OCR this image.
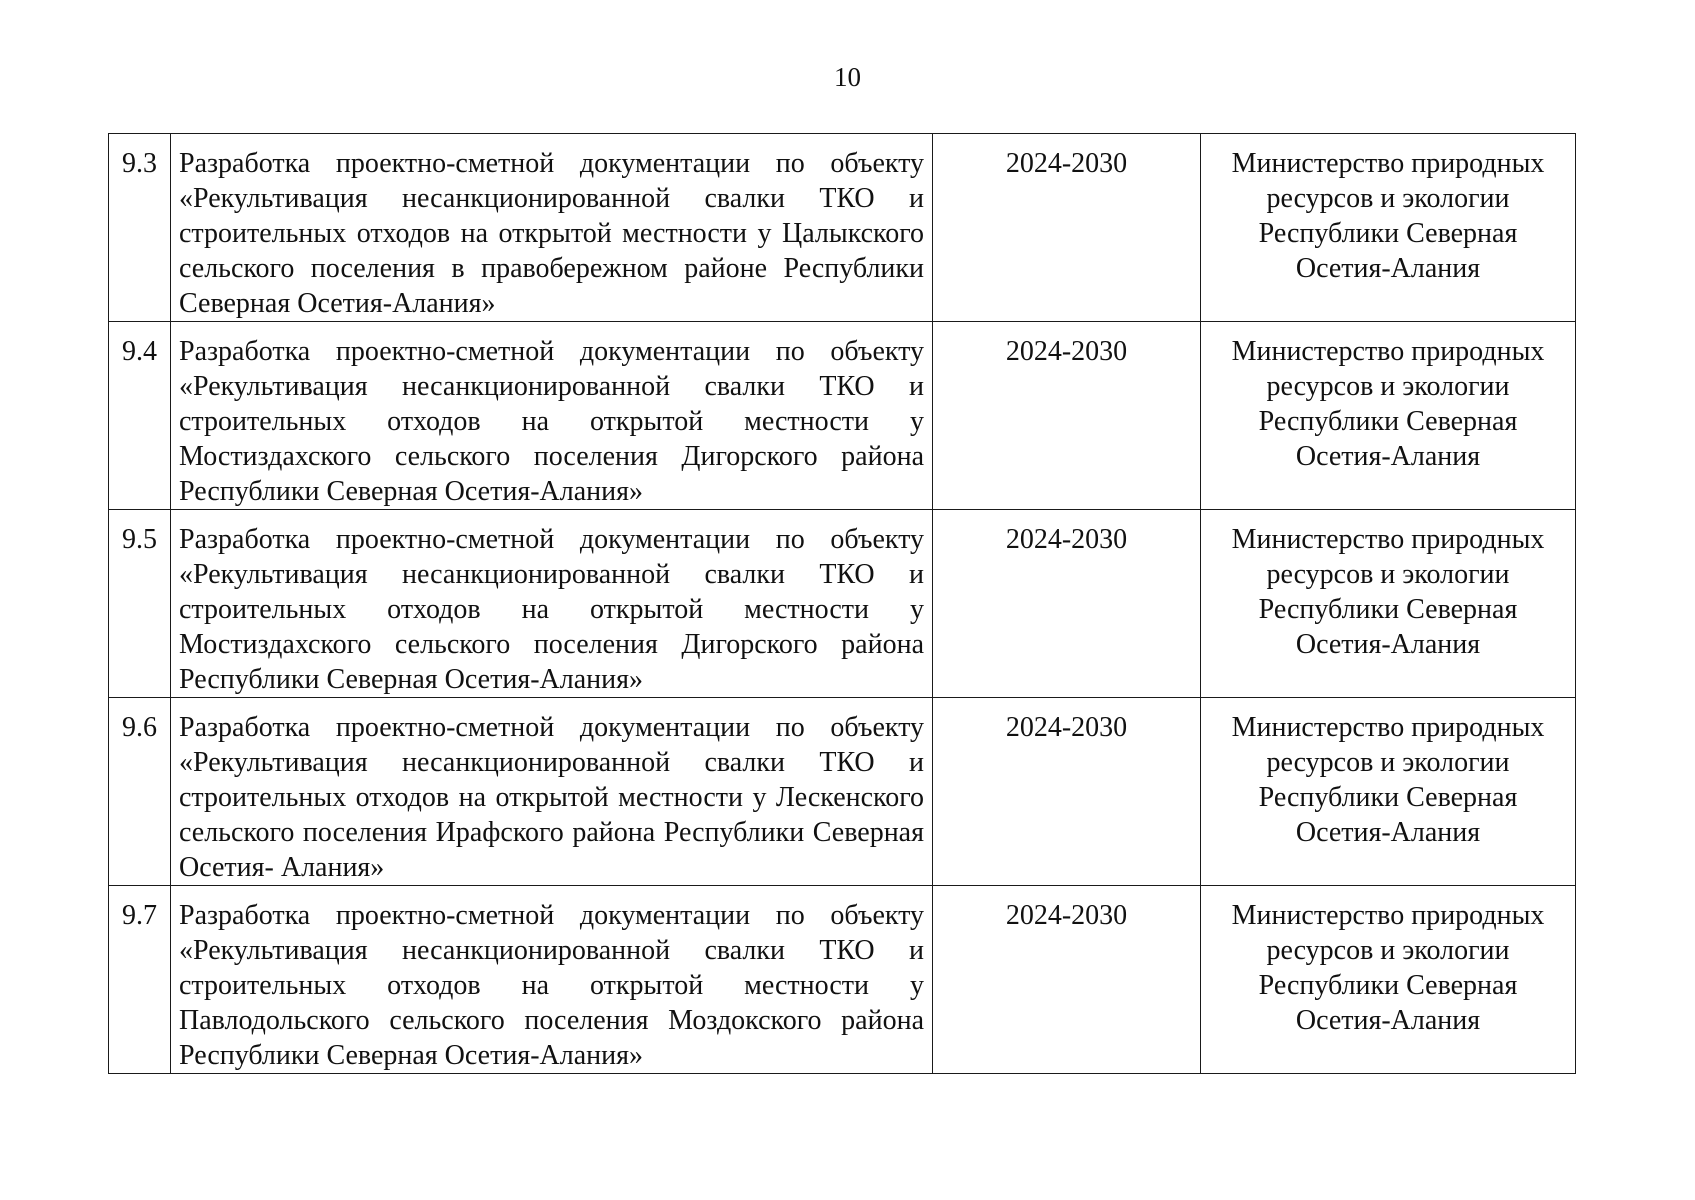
10
9.3	Разработка проектно-сметной документации по объекту «Рекультивация несанкционированной свалки ТКО и строительных отходов на открытой местности у Цалыкского сельского поселения в правобережном районе Республики Северная Осетия-Алания»	2024-2030	Министерство природных ресурсов и экологии Республики Северная Осетия-Алания
9.4	Разработка проектно-сметной документации по объекту «Рекультивация несанкционированной свалки ТКО и строительных отходов на открытой местности у Мостиздахского сельского поселения Дигорского района Республики Северная Осетия-Алания»	2024-2030	Министерство природных ресурсов и экологии Республики Северная Осетия-Алания
9.5	Разработка проектно-сметной документации по объекту «Рекультивация несанкционированной свалки ТКО и строительных отходов на открытой местности у Мостиздахского сельского поселения Дигорского района Республики Северная Осетия-Алания»	2024-2030	Министерство природных ресурсов и экологии Республики Северная Осетия-Алания
9.6	Разработка проектно-сметной документации по объекту «Рекультивация несанкционированной свалки ТКО и строительных отходов на открытой местности у Лескенского сельского поселения Ирафского района Республики Северная Осетия- Алания»	2024-2030	Министерство природных ресурсов и экологии Республики Северная Осетия-Алания
9.7	Разработка проектно-сметной документации по объекту «Рекультивация несанкционированной свалки ТКО и строительных отходов на открытой местности у Павлодольского сельского поселения Моздокского района Республики Северная Осетия-Алания»	2024-2030	Министерство природных ресурсов и экологии Республики Северная Осетия-Алания
